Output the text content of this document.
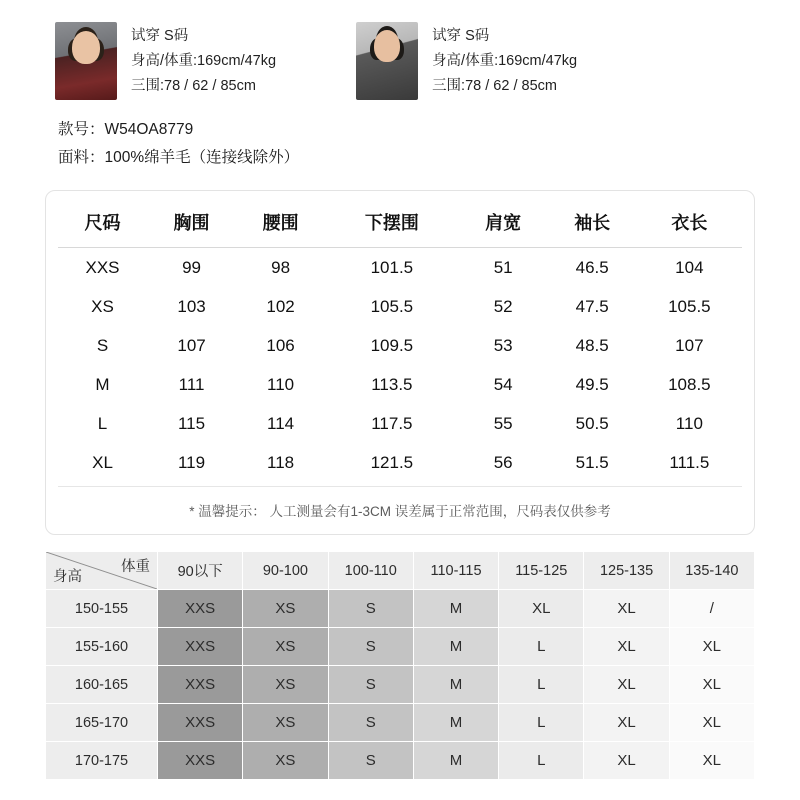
试穿 S码
身高/体重:169cm/47kg
三围:78 / 62 / 85cm
试穿 S码
身高/体重:169cm/47kg
三围:78 / 62 / 85cm
款号：W54OA8779
面料：100%绵羊毛（连接线除外）
尺码	胸围	腰围	下摆围	肩宽	袖长	衣长
XXS	99	98	101.5	51	46.5	104
XS	103	102	105.5	52	47.5	105.5
S	107	106	109.5	53	48.5	107
M	111	110	113.5	54	49.5	108.5
L	115	114	117.5	55	50.5	110
XL	119	118	121.5	56	51.5	111.5
* 温馨提示： 人工测量会有1-3CM 误差属于正常范围，尺码表仅供参考
体重
身高	90以下	90-100	100-110	110-115	115-125	125-135	135-140
150-155	XXS	XS	S	M	XL	XL	/
155-160	XXS	XS	S	M	L	XL	XL
160-165	XXS	XS	S	M	L	XL	XL
165-170	XXS	XS	S	M	L	XL	XL
170-175	XXS	XS	S	M	L	XL	XL
